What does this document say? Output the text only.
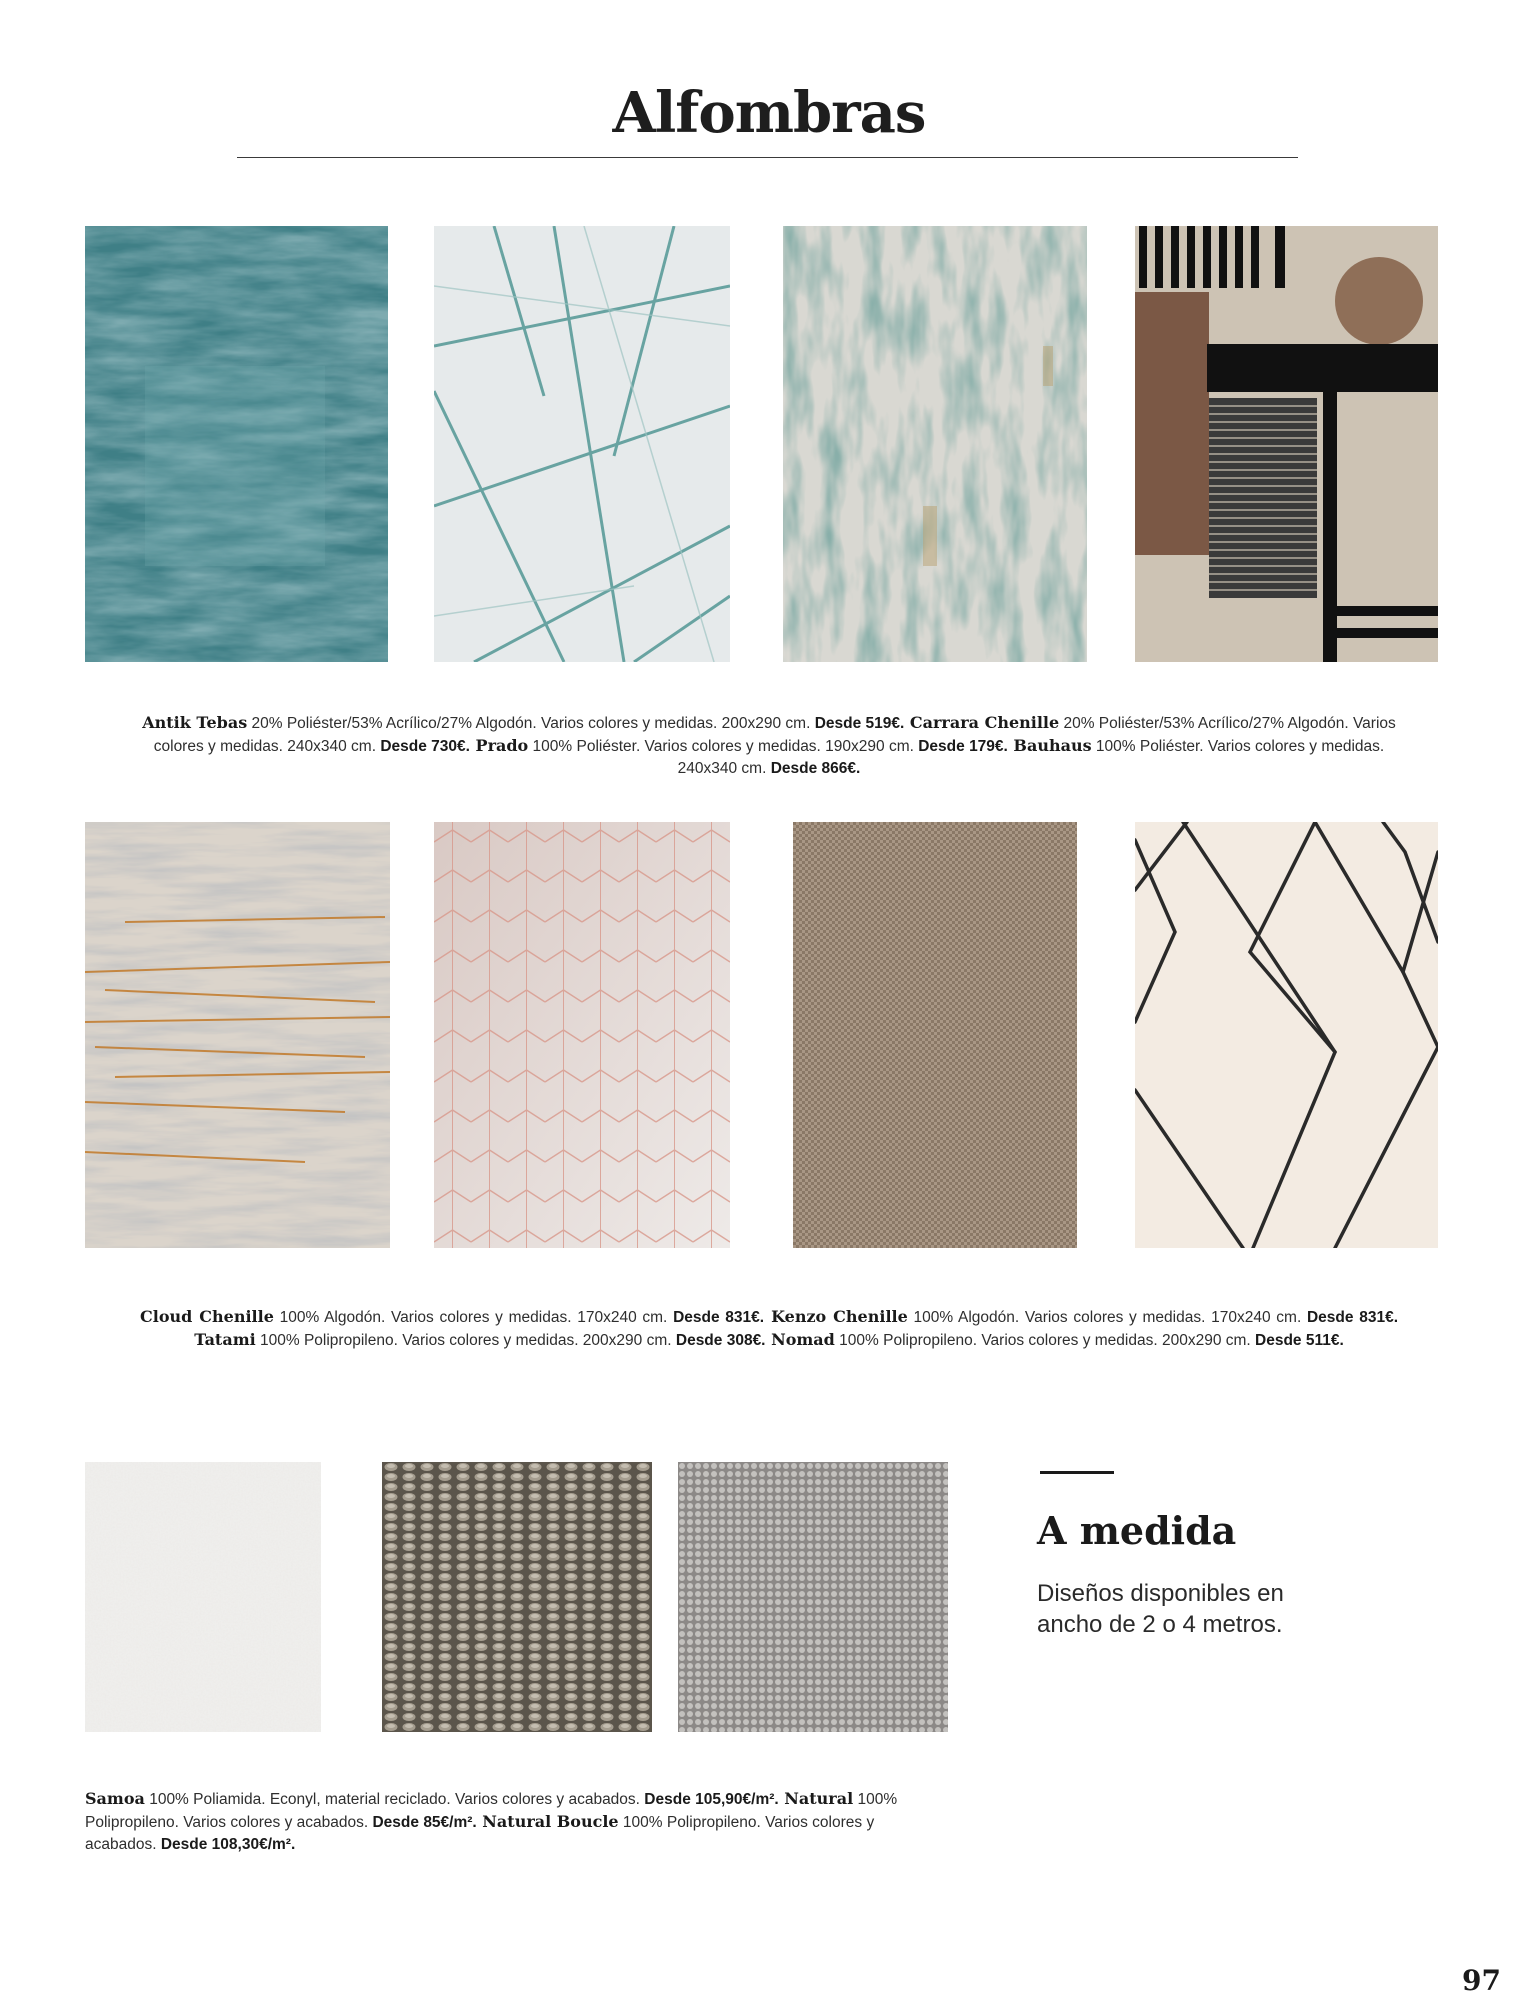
Alfombras
Antik Tebas 20% Poliéster/53% Acrílico/27% Algodón. Varios colores y medidas. 200x290 cm. Desde 519€. Carrara Chenille 20% Poliéster/53% Acrílico/27% Algodón. Varios colores y medidas. 240x340 cm. Desde 730€. Prado 100% Poliéster. Varios colores y medidas. 190x290 cm. Desde 179€. Bauhaus 100% Poliéster. Varios colores y medidas. 240x340 cm. Desde 866€.
Cloud Chenille 100% Algodón. Varios colores y medidas. 170x240 cm. Desde 831€. Kenzo Chenille 100% Algodón. Varios colores y medidas. 170x240 cm. Desde 831€. Tatami 100% Polipropileno. Varios colores y medidas. 200x290 cm. Desde 308€. Nomad 100% Polipropileno. Varios colores y medidas. 200x290 cm. Desde 511€.
Samoa 100% Poliamida. Econyl, material reciclado. Varios colores y acabados. Desde 105,90€/m². Natural 100% Polipropileno. Varios colores y acabados. Desde 85€/m². Natural Boucle 100% Polipropileno. Varios colores y acabados. Desde 108,30€/m².
A medida
Diseños disponibles en ancho de 2 o 4 metros.
97
